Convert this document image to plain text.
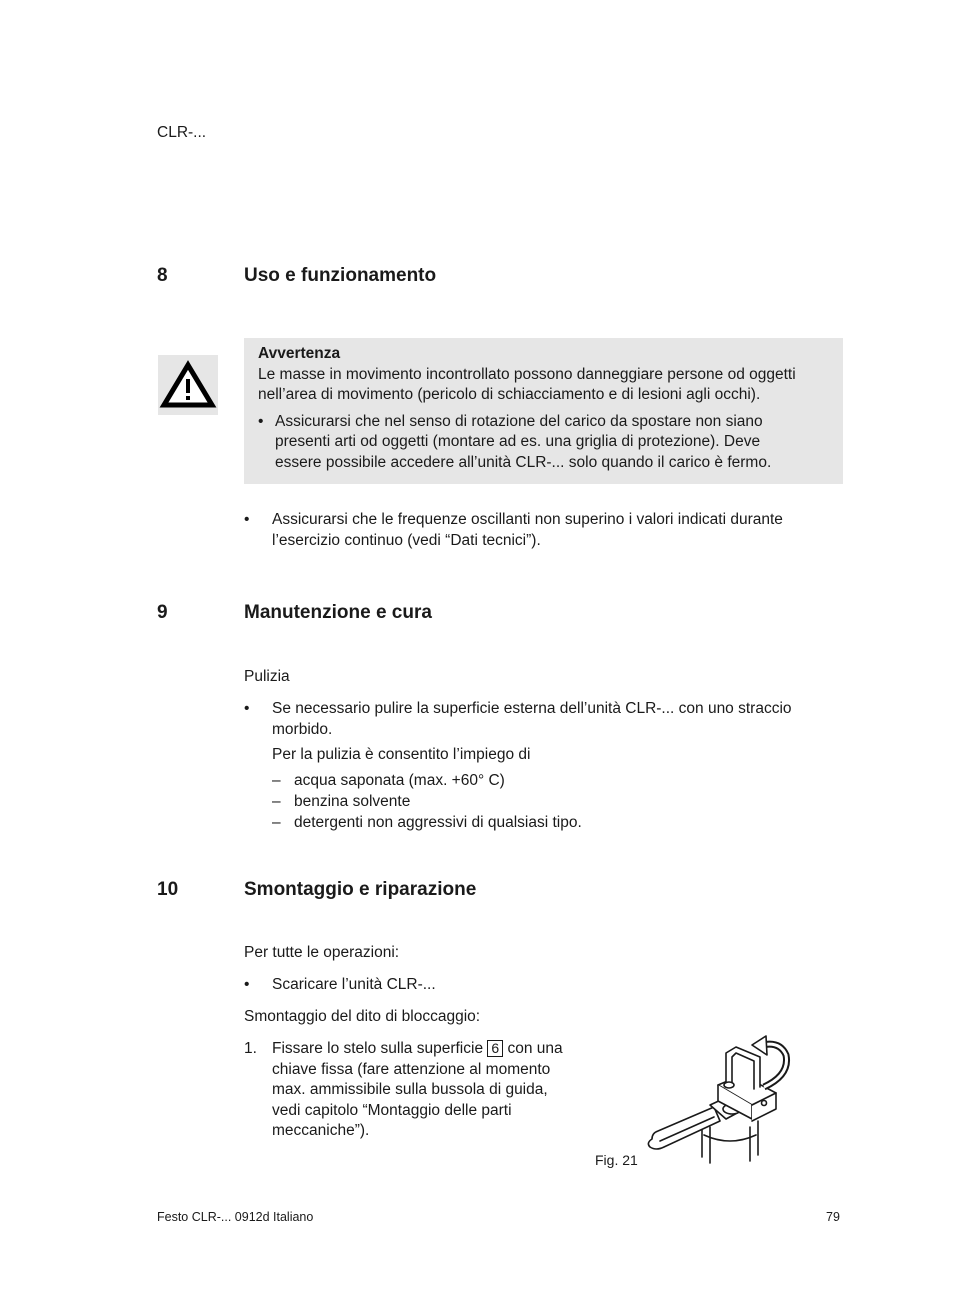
CLR-...
8	Uso e funzionamento
Avvertenza
Le masse in movimento incontrollato possono danneggiare persone od oggetti
nell’area di movimento (pericolo di schiacciamento e di lesioni agli occhi).
• Assicurarsi che nel senso di rotazione del carico da spostare non siano
presenti arti od oggetti (montare ad es. una griglia di protezione). Deve
essere possibile accedere all’unità CLR-... solo quando il carico è fermo.
• Assicurarsi che le frequenze oscillanti non superino i valori indicati durante
l’esercizio continuo (vedi “Dati tecnici”).
9	Manutenzione e cura
Pulizia
• Se necessario pulire la superficie esterna dell’unità CLR-... con uno straccio
morbido.
Per la pulizia è consentito l’impiego di
– acqua saponata (max. +60° C)
– benzina solvente
– detergenti non aggressivi di qualsiasi tipo.
10	Smontaggio e riparazione
Per tutte le operazioni:
• Scaricare l’unità CLR-...
Smontaggio del dito di bloccaggio:
1. Fissare lo stelo sulla superficie 6 con una
chiave fissa (fare attenzione al momento
max. ammissibile sulla bussola di guida,
vedi capitolo “Montaggio delle parti
meccaniche”).
Fig. 21
Festo CLR-... 0912d Italiano	79
